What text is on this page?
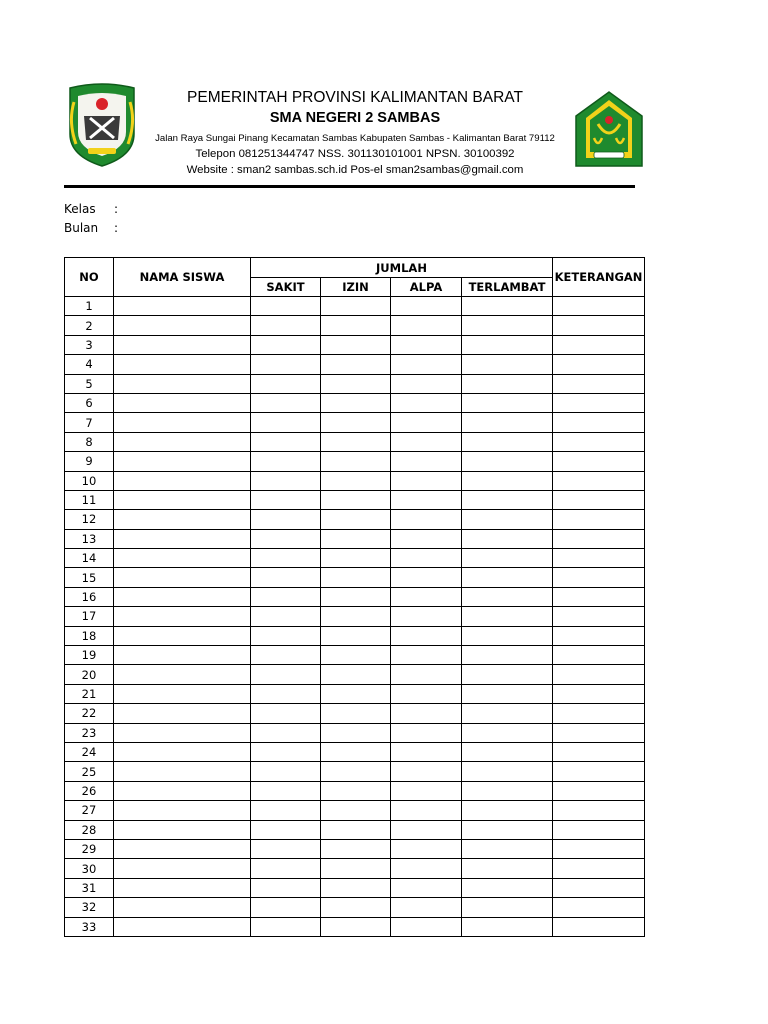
PEMERINTAH PROVINSI KALIMANTAN BARAT
SMA NEGERI 2 SAMBAS
Jalan Raya Sungai Pinang Kecamatan Sambas Kabupaten Sambas - Kalimantan Barat 79112
Telepon 081251344747 NSS. 301130101001 NPSN. 30100392
Website : sman2 sambas.sch.id Pos-el sman2sambas@gmail.com
Kelas :
Bulan :
NO	NAMA SISWA	JUMLAH				KETERANGAN
		SAKIT	IZIN	ALPA	TERLAMBAT	
1						
2						
3						
4						
5						
6						
7						
8						
9						
10						
11						
12						
13						
14						
15						
16						
17						
18						
19						
20						
21						
22						
23						
24						
25						
26						
27						
28						
29						
30						
31						
32						
33						
